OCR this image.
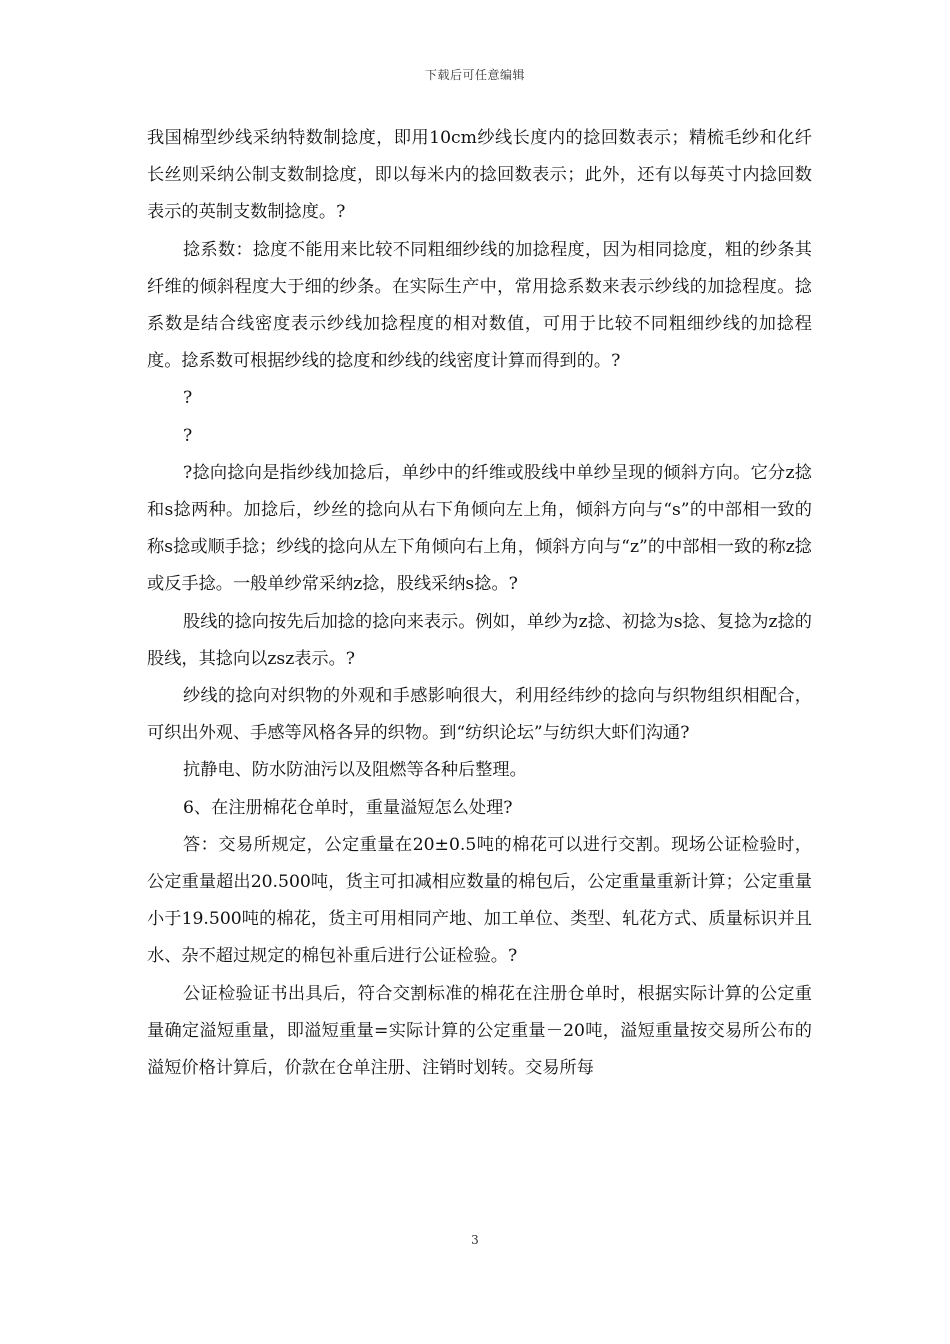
下载后可任意编辑

我国棉型纱线采纳特数制捻度，即用10cm纱线长度内的捻回数表示；精梳毛纱和化纤长丝则采纳公制支数制捻度，即以每米内的捻回数表示；此外，还有以每英寸内捻回数表示的英制支数制捻度。?

捻系数：捻度不能用来比较不同粗细纱线的加捻程度，因为相同捻度，粗的纱条其纤维的倾斜程度大于细的纱条。在实际生产中，常用捻系数来表示纱线的加捻程度。捻系数是结合线密度表示纱线加捻程度的相对数值，可用于比较不同粗细纱线的加捻程度。捻系数可根据纱线的捻度和纱线的线密度计算而得到的。?

?

?

?捻向捻向是指纱线加捻后，单纱中的纤维或股线中单纱呈现的倾斜方向。它分z捻和s捻两种。加捻后，纱丝的捻向从右下角倾向左上角，倾斜方向与“s”的中部相一致的称s捻或顺手捻；纱线的捻向从左下角倾向右上角，倾斜方向与“z”的中部相一致的称z捻或反手捻。一般单纱常采纳z捻，股线采纳s捻。?

股线的捻向按先后加捻的捻向来表示。例如，单纱为z捻、初捻为s捻、复捻为z捻的股线，其捻向以zsz表示。?

纱线的捻向对织物的外观和手感影响很大，利用经纬纱的捻向与织物组织相配合，可织出外观、手感等风格各异的织物。到“纺织论坛”与纺织大虾们沟通?

抗静电、防水防油污以及阻燃等各种后整理。

6、在注册棉花仓单时，重量溢短怎么处理?

答：交易所规定，公定重量在20±0.5吨的棉花可以进行交割。现场公证检验时，公定重量超出20.500吨，货主可扣减相应数量的棉包后，公定重量重新计算；公定重量小于19.500吨的棉花，货主可用相同产地、加工单位、类型、轧花方式、质量标识并且水、杂不超过规定的棉包补重后进行公证检验。?

公证检验证书出具后，符合交割标准的棉花在注册仓单时，根据实际计算的公定重量确定溢短重量，即溢短重量=实际计算的公定重量－20吨，溢短重量按交易所公布的溢短价格计算后，价款在仓单注册、注销时划转。交易所每

3
